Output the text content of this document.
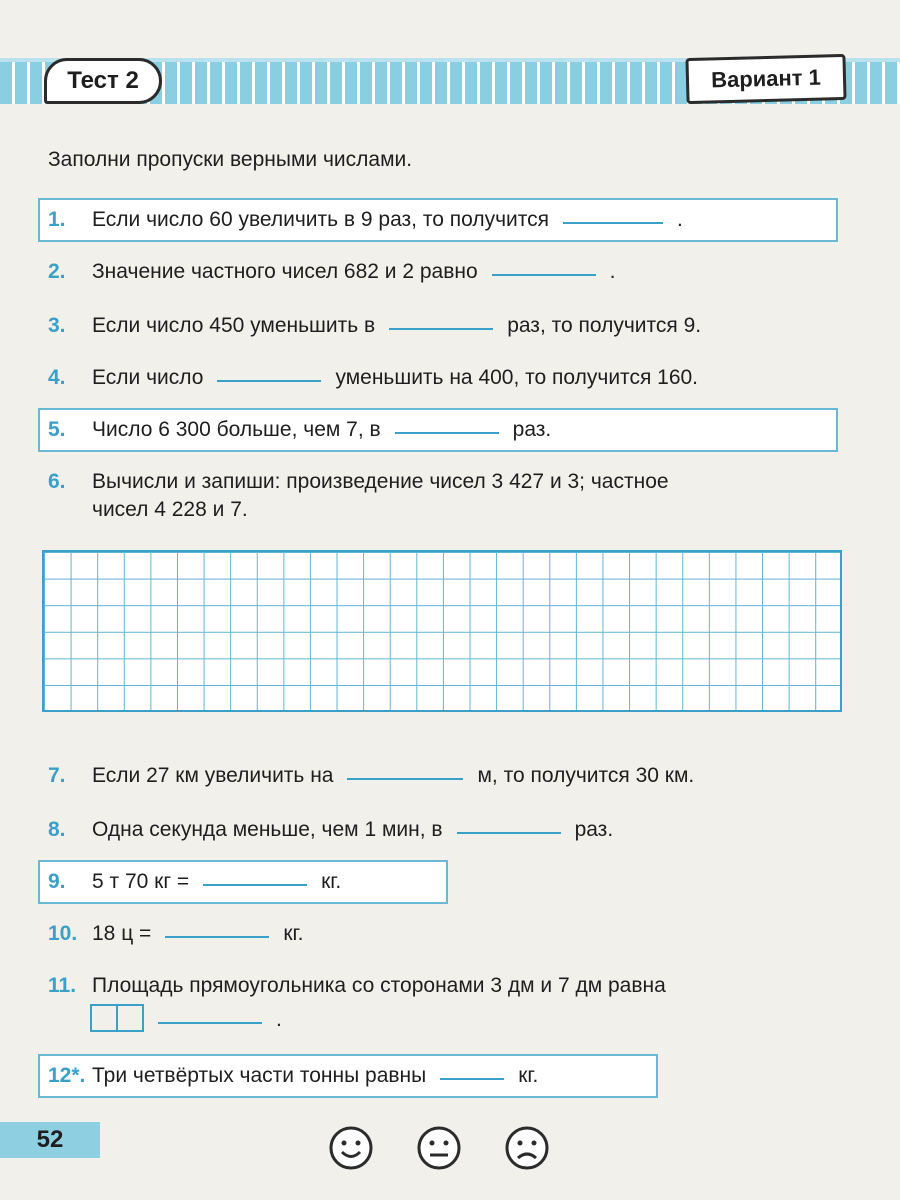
Тест 2	Вариант 1
Заполни пропуски верными числами.
1.	Если число 60 увеличить в 9 раз, то получится	.
2.	Значение частного чисел 682 и 2 равно	.
3.	Если число 450 уменьшить в	раз, то получится 9.
4.	Если число	уменьшить на 400, то получится 160.
5.	Число 6 300 больше, чем 7, в	раз.
6.	Вычисли и запиши: произведение чисел 3 427 и 3; частное
чисел 4 228 и 7.
7.	Если 27 км увеличить на	м, то получится 30 км.
8.	Одна секунда меньше, чем 1 мин, в	раз.
9.	5 т 70 кг =	кг.
10. 18 ц =	кг.
11. Площадь прямоугольника со сторонами 3 дм и 7 дм равна
.
12*. Три четвёртых части тонны равны	кг.
52
